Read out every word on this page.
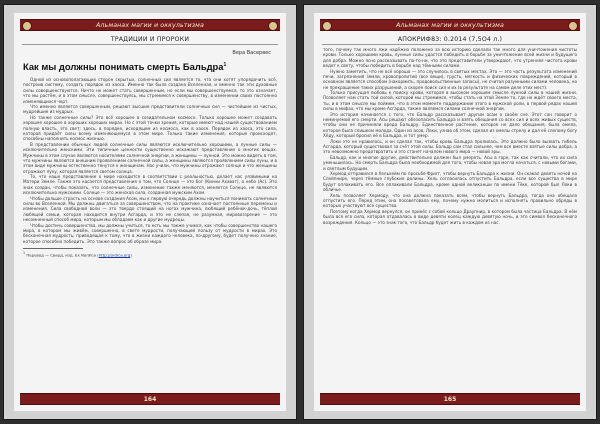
Альманах магии и оккультизма
ТРАДИЦИИ И ПРОРОКИ
Вера Васервес
Как мы должны понимать смерть Бальдра$^1$

Одной из основополагающих сторон скрытых, солнечных сил является то, что они хотят упорядочить всё, построив систему, создать порядок из хаоса. Именно так была создана Вселенная, и именно так эти духовные силы совершенствуются. Ничто не может стать совершенным, но если мы совершенствуемся, то это означает, что мы растём, и в этом смысле, совершенствуясь, мы стремимся к совершенству, в изменении своих постоянно изменяющихся черт.

Что именно является совершенным, решают высшие представители солнечных сил — чистейшие из чистых, мудрейшие из мудрых.

Но также солнечные силы? Это всё хорошее в созидательном космосе. Только хорошее может создавать хорошее хорошее в хороших хороших мирах. Но с этой точки зрения, которые имеют над нашей существованием полную власть, это свет; здесь, в порядке, исходящем из космоса, как в хаосе. Порядок из хаоса, это сила, которая придаёт силы всему изменяющемуся в этом мире. Только такие изменения, которые происходят, способны наполнить космос жизнью.

В представлении обычных людей солнечные силы являются исключительно хорошими, а лунные силы — исключительно женскими. Эти типичные ценности существенно искажают представление о многих вещах. Мужчины в этом случае являются носителями солнечной энергии, а женщины — лунной. Это можно видеть в том, что мужчины являются внешним проявлением солнечной силы, а женщины являются проявлением силы луны, и в этом виде мужчины естественно тянутся к женщинам. Нас учили, что мужчины отражают солнце и что женщины отражают луну, которая является светом солнца.

То, что наше представление о мире находится в соответствии с реальностью, делает нас уязвимыми на Матери Земле. Также это касается представления о том, что Солнце — это бог (Кинни Ахават), а небо (Ас). Это знак создан, чтобы показать, что солнечные силы, изменение также меняются, меняется Солнце, не являются исключительно мужскими. Солнце — это женская сила, созданная мужским Ахом.

Чтобы дольше страсть на основе создания Асом, мы к первую очередь должны научиться понимать солнечные силы во Вселенной. Мы должны двигаться за совершенством, что на практике означает постоянные перемены и изменения. Сила свободной воли — это твердо стоящий на ногах мужчина, любящий ребёнок-дочь, тёплой любящей семьи, которая находится внутри Асгарда, и это не слепая, не разумная, мировоззрение — это несомненный способ мира, которым мы обладаем как и другие мудрецы.

Чтобы достичь совершенства, мы должны учиться, то есть мы также учимся, как чтобы совершенство нашего мира, в котором мы живём, совершенно, в свете мудрости, получающей пользу от мудрости в мирах. Это бесконечная мудрость, приводящая к тому, что в жизни каждого человека, по-другому, будет получено знание, которое способно победить. Это также вопрос об образе мира.

$^1$ Перевод — Свард, изд. Ex Nordica (http://ordica.org)
164
Альманах магии и оккультизма
АПОКРИФ83: 0.2014 (7,5O4 л.)

того, почему так много лжи надёжно положено за всю историю сделали так много для уничтожения чистоты крови. Только хорошими кровь, лунные силы удастся победить в борьбе за уничтожение всей жизни и будущего для добра. Можно ясно рассказывать по-то-ни, что это представители утверждают, что утренняя чистота крови ведет к свету, чтобы победить в борьбе над тёмными силами.

Нужно заметить, что не всё хорошо — это случилось в святых местах. Это — это часть результата изменений печи, загрязнения земли, кровопролитий (все вещи), грусть, мягкость и физических повреждений, который в основном является способом (накормить, продовольственные запасы), не считая разумными силами человека, но не прекращение таких разрушений, а скорее поиск сил и их (в результате на самом деле этих мест).

Только присущая любовь к поиску крови, которая в высоком хорошем смысле лунной силы в нашей жизни. Позволяет нам стать той силой, которой мы стремимся, чтобы стать на этой Земле то, где не ждёт своего места, ты, и в этом смысле мы поймем, что в этом моменте поддержание этого в мужской роли, в первой рядах нашей силы в мифах, что мы кроме Асгарда, также являемся силами солнечной энергии.

Это история начинается с того, что Бальдр рассказывает другим асам о своём сне. Этот сон говорит о неминуемой его смерти. Асы решают обезопасить Бальдра и взять обещания со всех сил и всех живых существ, чтобы они не причиняли вреда Бальдру. Единственное растение, которое не дало обещания, была омела, которая была слишком молода. Один из асов, Локи, узнав об этом, сделал из омелы стрелу и дал её слепому богу Хёду, который бросил её в Бальдра, и тот умер.

Локи это не нравилось, и он сделал так, чтобы кровь Бальдра пролилась. Это должно было вызвать гибель Асгарда, который существовал за счёт этой силы. Бальдр сам стал сильнее, чем все вместе взятые силы добра, а это невозможно предотвратить и это станет началом нового мира — новой эры.

Бальдр, как и многие другие, действительно должен был умереть. Асы в горе, так как считали, что их сила уменьшилась. Но смерть Бальдра была необходимой для того, чтобы новая эра могла начаться, с новыми богами, и светлым будущим.

Хермод отправился в Хельхейм по просьбе Фригг, чтобы вернуть Бальдра к жизни. Он скакал девять ночей на Слейпнире, через тёмные глубокие долины. Хель согласилась отпустить Бальдра, если все существа в мире будут оплакивать его. Все оплакивали Бальдра, кроме одной великанши по имени Тёкк, которой был Локи в обличье.

Хель позволяет Хермоду, что она должна показать всем, чтобы вернуть Бальдра, тогда она обещала отпустить его. Перед этим, она посоветовала ему, почему нужно молиться и исполнять правильно обряды в которых участвуют все существа.

Поэтому когда Хермод вернулся, он принёс с собой кольцо Драупнир, в котором была частица Бальдра. В нём была вся его сила, которая отдавалась в виде девяти колец каждую девятую ночь, и это символ бесконечного возрождения. Кольцо — это знак того, что Бальдр будет жить в каждом из нас.

165
